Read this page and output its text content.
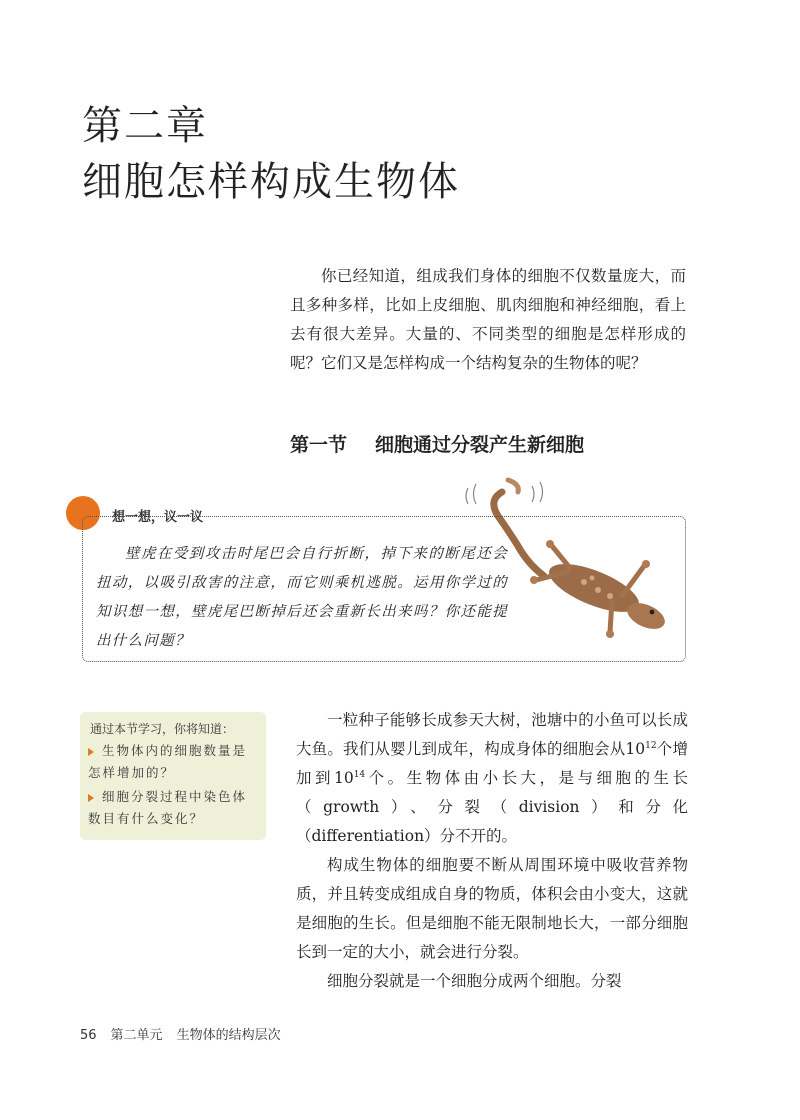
第二章
细胞怎样构成生物体

你已经知道，组成我们身体的细胞不仅数量庞大，而且多种多样，比如上皮细胞、肌肉细胞和神经细胞，看上去有很大差异。大量的、不同类型的细胞是怎样形成的呢？它们又是怎样构成一个结构复杂的生物体的呢？

第一节 细胞通过分裂产生新细胞
想一想，议一议

壁虎在受到攻击时尾巴会自行折断，掉下来的断尾还会扭动，以吸引敌害的注意，而它则乘机逃脱。运用你学过的知识想一想，壁虎尾巴断掉后还会重新长出来吗？你还能提出什么问题？

通过本节学习，你将知道：

生物体内的细胞数量是怎样增加的？
细胞分裂过程中染色体数目有什么变化？

一粒种子能够长成参天大树，池塘中的小鱼可以长成大鱼。我们从婴儿到成年，构成身体的细胞会从$10^{12}$个增加到$10^{14}$个。生物体由小长大，是与细胞的生长（growth）、分裂（division）和分化（differentiation）分不开的。

构成生物体的细胞要不断从周围环境中吸收营养物质，并且转变成组成自身的物质，体积会由小变大，这就是细胞的生长。但是细胞不能无限制地长大，一部分细胞长到一定的大小，就会进行分裂。

细胞分裂就是一个细胞分成两个细胞。分裂

56 第二单元 生物体的结构层次
